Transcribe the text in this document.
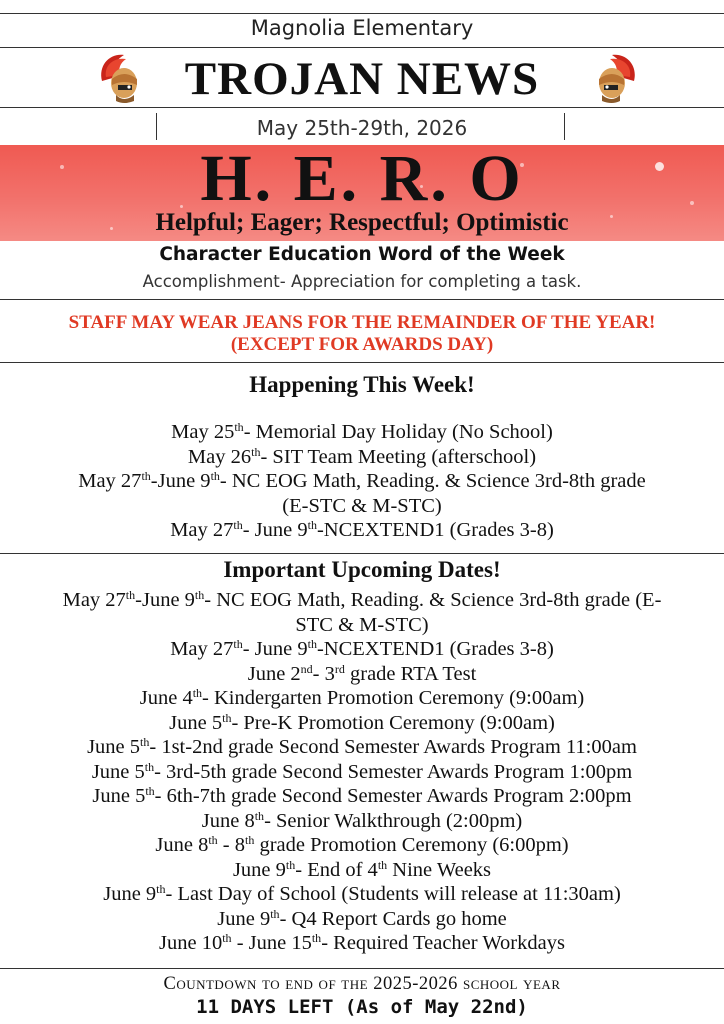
Magnolia Elementary
TROJAN NEWS
May 25th-29th, 2026
H. E. R. O
Helpful; Eager; Respectful; Optimistic
Character Education Word of the Week
Accomplishment- Appreciation for completing a task.
STAFF MAY WEAR JEANS FOR THE REMAINDER OF THE YEAR!
(EXCEPT FOR AWARDS DAY)
Happening This Week!
May 25th- Memorial Day Holiday (No School)
May 26th- SIT Team Meeting (afterschool)
May 27th-June 9th- NC EOG Math, Reading. & Science 3rd-8th grade
(E-STC & M-STC)
May 27th- June 9th-NCEXTEND1 (Grades 3-8)
Important Upcoming Dates!
May 27th-June 9th- NC EOG Math, Reading. & Science 3rd-8th grade (E-
STC & M-STC)
May 27th- June 9th-NCEXTEND1 (Grades 3-8)
June 2nd- 3rd grade RTA Test
June 4th- Kindergarten Promotion Ceremony (9:00am)
June 5th- Pre-K Promotion Ceremony (9:00am)
June 5th- 1st-2nd grade Second Semester Awards Program 11:00am
June 5th- 3rd-5th grade Second Semester Awards Program 1:00pm
June 5th- 6th-7th grade Second Semester Awards Program 2:00pm
June 8th- Senior Walkthrough (2:00pm)
June 8th - 8th grade Promotion Ceremony (6:00pm)
June 9th- End of 4th Nine Weeks
June 9th- Last Day of School (Students will release at 11:30am)
June 9th- Q4 Report Cards go home
June 10th - June 15th- Required Teacher Workdays
Countdown to end of the 2025-2026 school year
11 DAYS LEFT (As of May 22nd)
